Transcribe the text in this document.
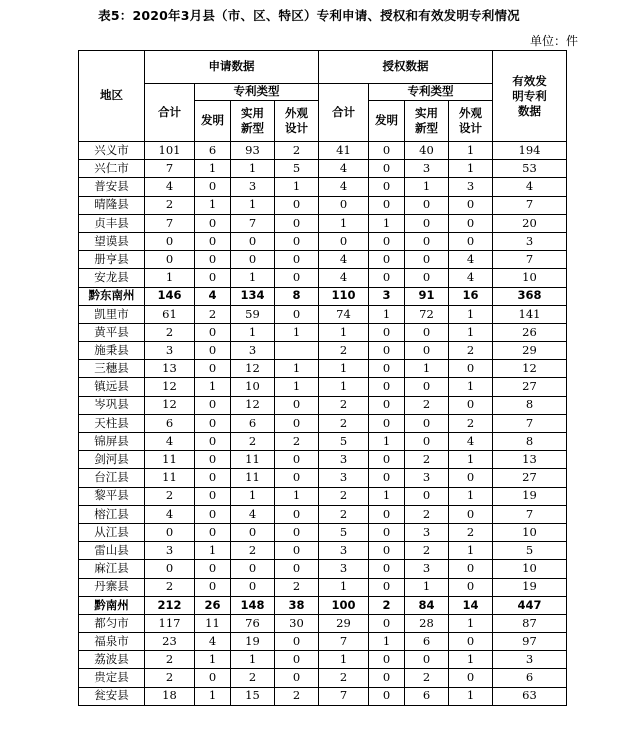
表5：2020年3月县（市、区、特区）专利申请、授权和有效发明专利情况
单位：件
地区	申请数据				授权数据				有效发明专利数据
	合计	专利类型			合计	专利类型			
		发明	实用新型	外观设计		发明	实用新型	外观设计	
兴义市	101	6	93	2	41	0	40	1	194
兴仁市	7	1	1	5	4	0	3	1	53
普安县	4	0	3	1	4	0	1	3	4
晴隆县	2	1	1	0	0	0	0	0	7
贞丰县	7	0	7	0	1	1	0	0	20
望谟县	0	0	0	0	0	0	0	0	3
册亨县	0	0	0	0	4	0	0	4	7
安龙县	1	0	1	0	4	0	0	4	10
黔东南州	146	4	134	8	110	3	91	16	368
凯里市	61	2	59	0	74	1	72	1	141
黄平县	2	0	1	1	1	0	0	1	26
施秉县	3	0	3		2	0	0	2	29
三穗县	13	0	12	1	1	0	1	0	12
镇远县	12	1	10	1	1	0	0	1	27
岑巩县	12	0	12	0	2	0	2	0	8
天柱县	6	0	6	0	2	0	0	2	7
锦屏县	4	0	2	2	5	1	0	4	8
剑河县	11	0	11	0	3	0	2	1	13
台江县	11	0	11	0	3	0	3	0	27
黎平县	2	0	1	1	2	1	0	1	19
榕江县	4	0	4	0	2	0	2	0	7
从江县	0	0	0	0	5	0	3	2	10
雷山县	3	1	2	0	3	0	2	1	5
麻江县	0	0	0	0	3	0	3	0	10
丹寨县	2	0	0	2	1	0	1	0	19
黔南州	212	26	148	38	100	2	84	14	447
都匀市	117	11	76	30	29	0	28	1	87
福泉市	23	4	19	0	7	1	6	0	97
荔波县	2	1	1	0	1	0	0	1	3
贵定县	2	0	2	0	2	0	2	0	6
瓮安县	18	1	15	2	7	0	6	1	63
